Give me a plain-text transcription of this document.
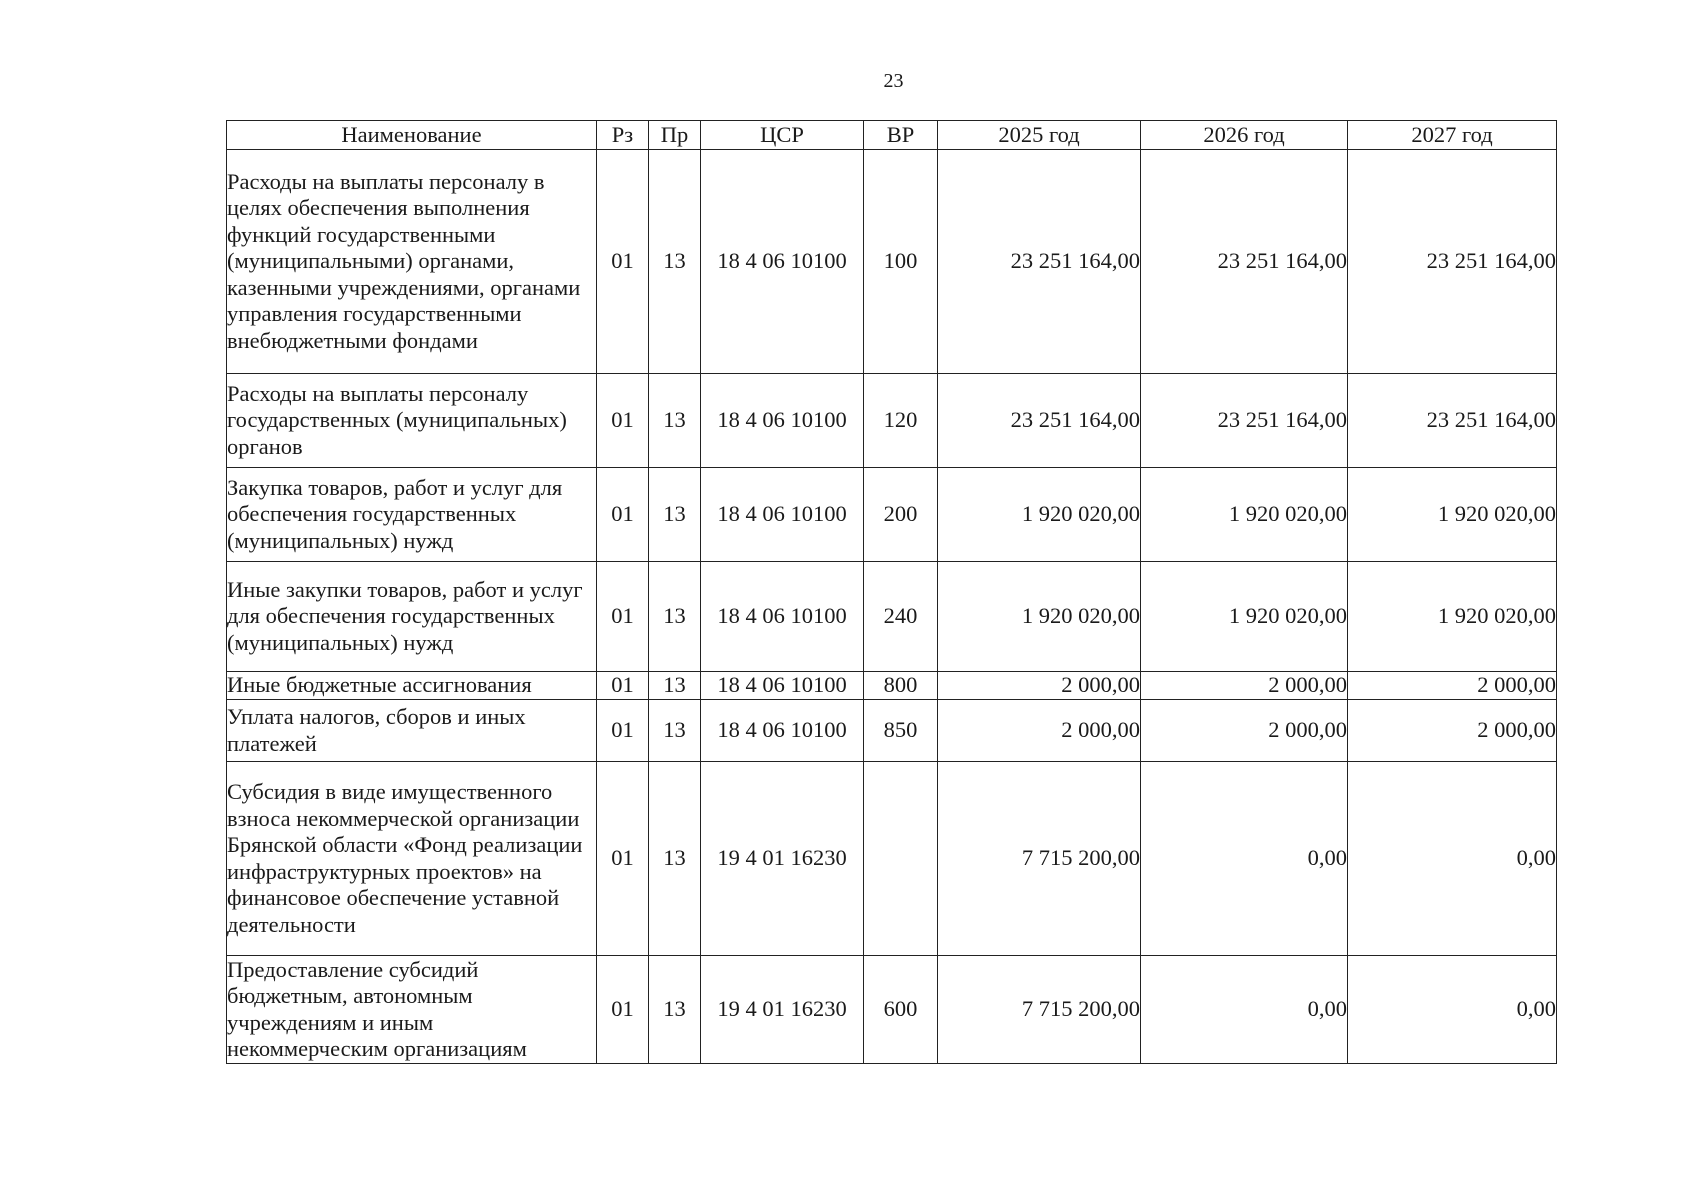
23
Наименование	Рз	Пр	ЦСР	ВР	2025 год	2026 год	2027 год
Расходы на выплаты персоналу в целях обеспечения выполнения функций государственными (муниципальными) органами, казенными учреждениями, органами управления государственными внебюджетными фондами	01	13	18 4 06 10100	100	23 251 164,00	23 251 164,00	23 251 164,00
Расходы на выплаты персоналу государственных (муниципальных) органов	01	13	18 4 06 10100	120	23 251 164,00	23 251 164,00	23 251 164,00
Закупка товаров, работ и услуг для обеспечения государственных (муниципальных) нужд	01	13	18 4 06 10100	200	1 920 020,00	1 920 020,00	1 920 020,00
Иные закупки товаров, работ и услуг для обеспечения государственных (муниципальных) нужд	01	13	18 4 06 10100	240	1 920 020,00	1 920 020,00	1 920 020,00
Иные бюджетные ассигнования	01	13	18 4 06 10100	800	2 000,00	2 000,00	2 000,00
Уплата налогов, сборов и иных платежей	01	13	18 4 06 10100	850	2 000,00	2 000,00	2 000,00
Субсидия в виде имущественного взноса некоммерческой организации Брянской области «Фонд реализации инфраструктурных проектов» на финансовое обеспечение уставной деятельности	01	13	19 4 01 16230		7 715 200,00	0,00	0,00
Предоставление субсидий бюджетным, автономным учреждениям и иным некоммерческим организациям	01	13	19 4 01 16230	600	7 715 200,00	0,00	0,00
